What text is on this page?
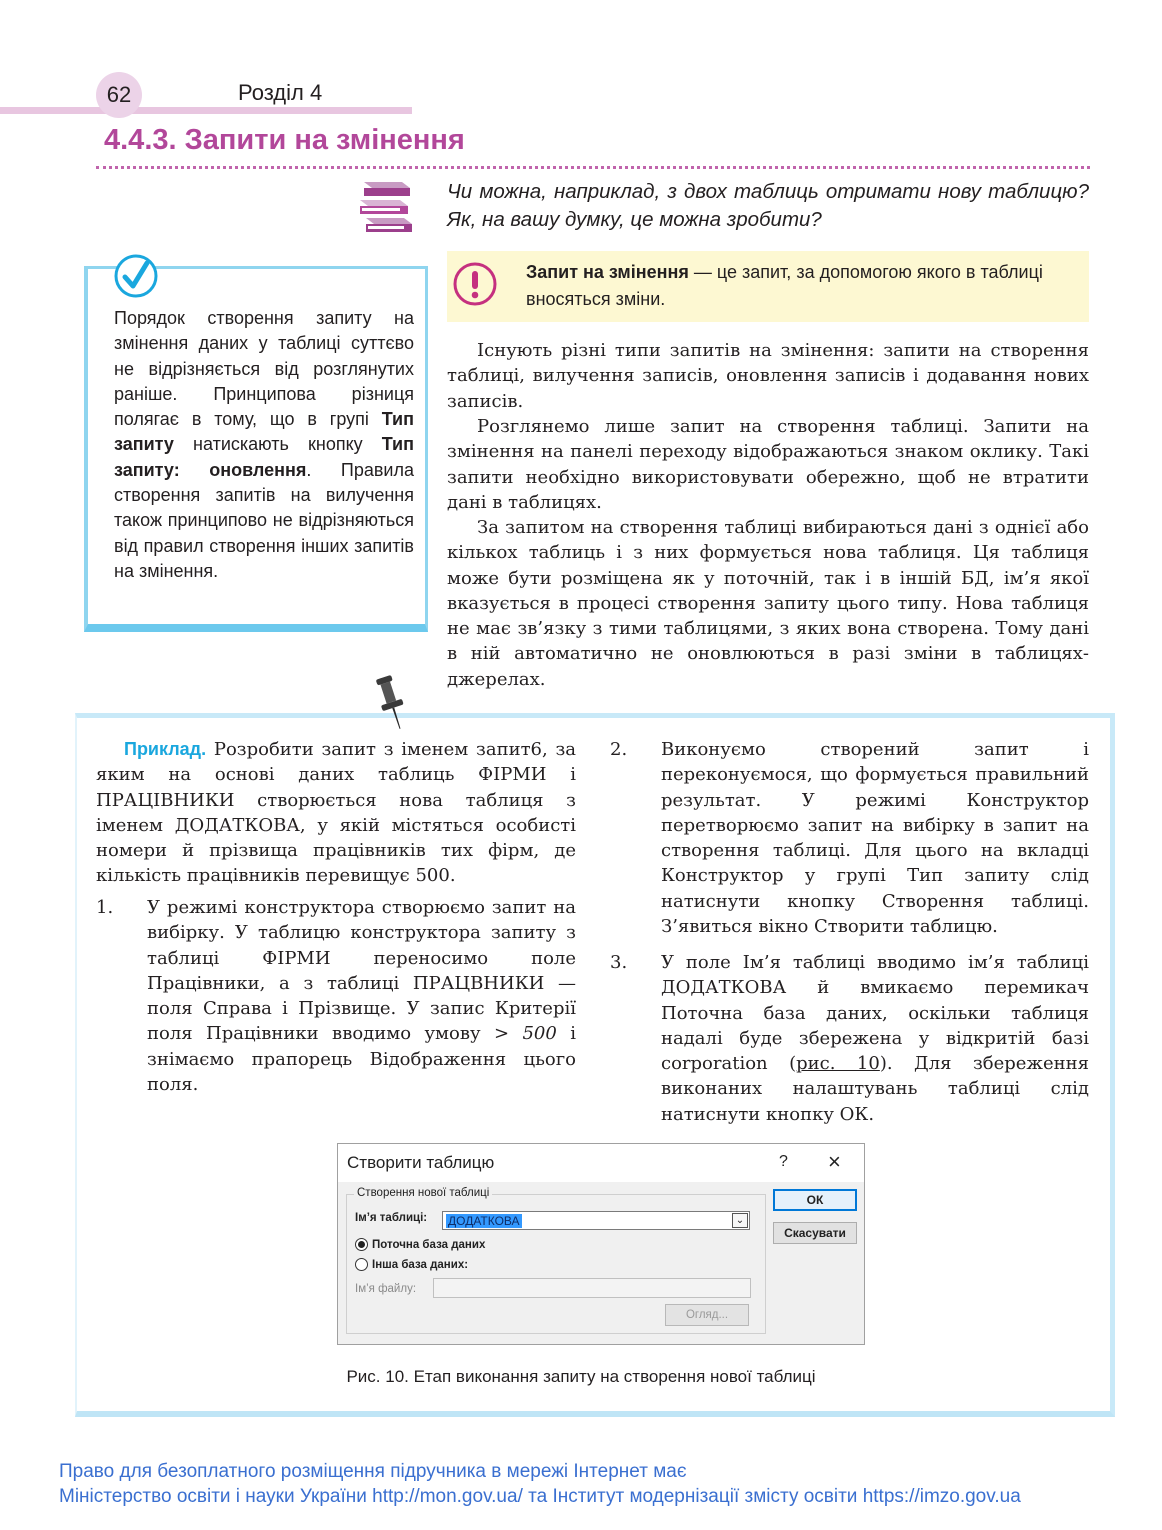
62	Розділ 4
4.4.3. Запити на змінення
Чи можна, наприклад, з двох таблиць отримати нову таблицю? Як, на вашу думку, це можна зробити?
Запит на змінення — це запит, за допомогою якого в таблиці вносяться зміни.
Порядок створення запиту на змінення даних у таблиці суттєво не відрізняється від розглянутих раніше. Принципова різниця полягає в тому, що в групі Тип запиту натискають кнопку Тип запиту: оновлення. Правила створення запитів на вилучення також принципово не відрізняються від правил створення інших запитів на змінення.
Існують різні типи запитів на змінення: запити на створення таблиці, вилучення записів, оновлення записів і додавання нових записів.
Розглянемо лише запит на створення таблиці. Запити на змінення на панелі переходу відображаються знаком оклику. Такі запити необхідно використовувати обережно, щоб не втратити дані в таблицях.
За запитом на створення таблиці вибираються дані з однієї або кількох таблиць і з них формується нова таблиця. Ця таблиця може бути розміщена як у поточній, так і в іншій БД, ім’я якої вказується в процесі створення запиту цього типу. Нова таблиця не має зв’язку з тими таблицями, з яких вона створена. Тому дані в ній автоматично не оновлюються в разі зміни в таблицях-джерелах.
Приклад. Розробити запит з іменем запит6, за яким на основі даних таблиць ФІРМИ і ПРАЦІВНИКИ створюється нова таблиця з іменем ДОДАТКОВА, у якій містяться особисті номери й прізвища працівників тих фірм, де кількість працівників перевищує 500.
1. У режимі конструктора створюємо запит на вибірку. У таблицю конструктора запиту з таблиці ФІРМИ переносимо поле Працівники, а з таблиці ПРАЦВНИКИ — поля Справа і Прізвище. У запис Критерії поля Працівники вводимо умову > 500 і знімаємо прапорець Відображення цього поля.
2. Виконуємо створений запит і переконуємося, що формується правильний результат. У режимі Конструктор перетворюємо запит на вибірку в запит на створення таблиці. Для цього на вкладці Конструктор у групі Тип запиту слід натиснути кнопку Створення таблиці. З’явиться вікно Створити таблицю.
3. У поле Ім’я таблиці вводимо ім’я таблиці ДОДАТКОВА й вмикаємо перемикач Поточна база даних, оскільки таблиця надалі буде збережена у відкритій базі corporation (рис. 10). Для збереження виконаних налаштувань таблиці слід натиснути кнопку ОК.
Створити таблицю	? ×
Створення нової таблиці
Ім’я таблиці: ДОДАТКОВА	⌄
Поточна база даних
Інша база даних:
Ім’я файлу:
Огляд...
ОК
Скасувати
Рис. 10. Етап виконання запиту на створення нової таблиці
Право для безоплатного розміщення підручника в мережі Інтернет має
Міністерство освіти і науки України http://mon.gov.ua/ та Інститут модернізації змісту освіти https://imzo.gov.ua
